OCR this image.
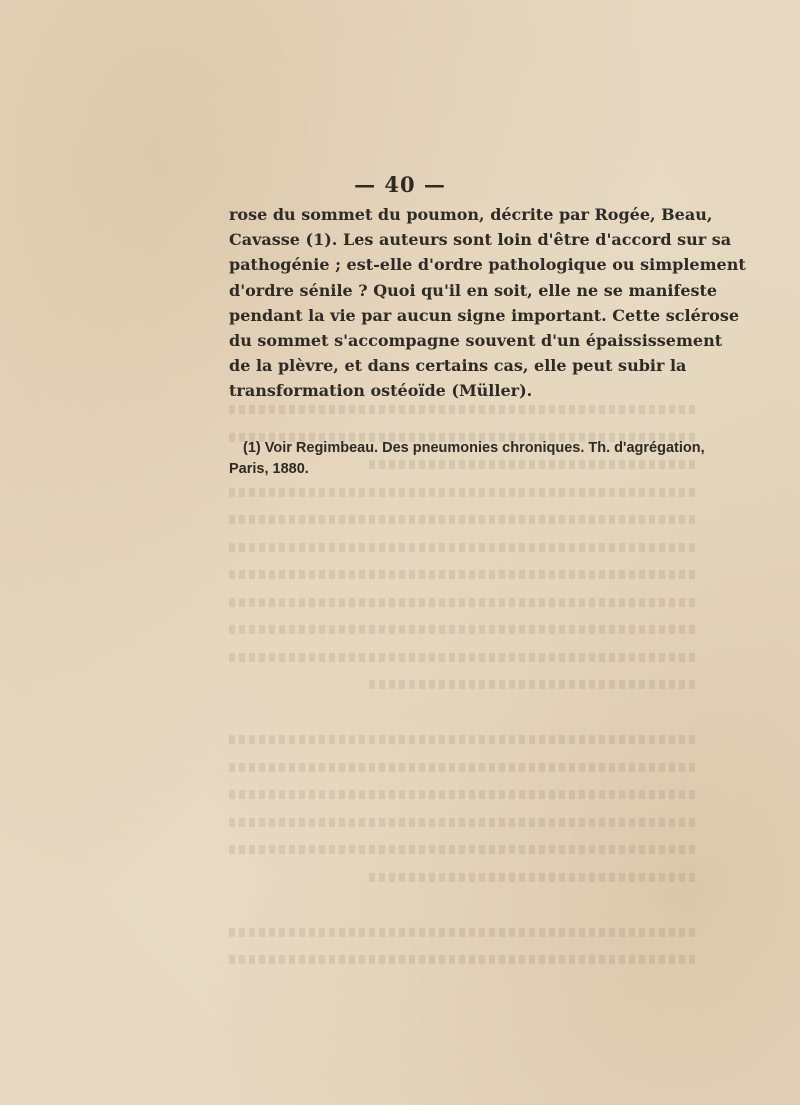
— 40 —

rose du sommet du poumon, décrite par Rogée, Beau,
Cavasse (1). Les auteurs sont loin d'être d'accord sur sa
pathogénie ; est-elle d'ordre pathologique ou simplement
d'ordre sénile ? Quoi qu'il en soit, elle ne se manifeste
pendant la vie par aucun signe important. Cette sclérose
du sommet s'accompagne souvent d'un épaississement
de la plèvre, et dans certains cas, elle peut subir la
transformation ostéoïde (Müller).

(1) Voir Regimbeau. Des pneumonies chroniques. Th. d'agrégation,
Paris, 1880.
